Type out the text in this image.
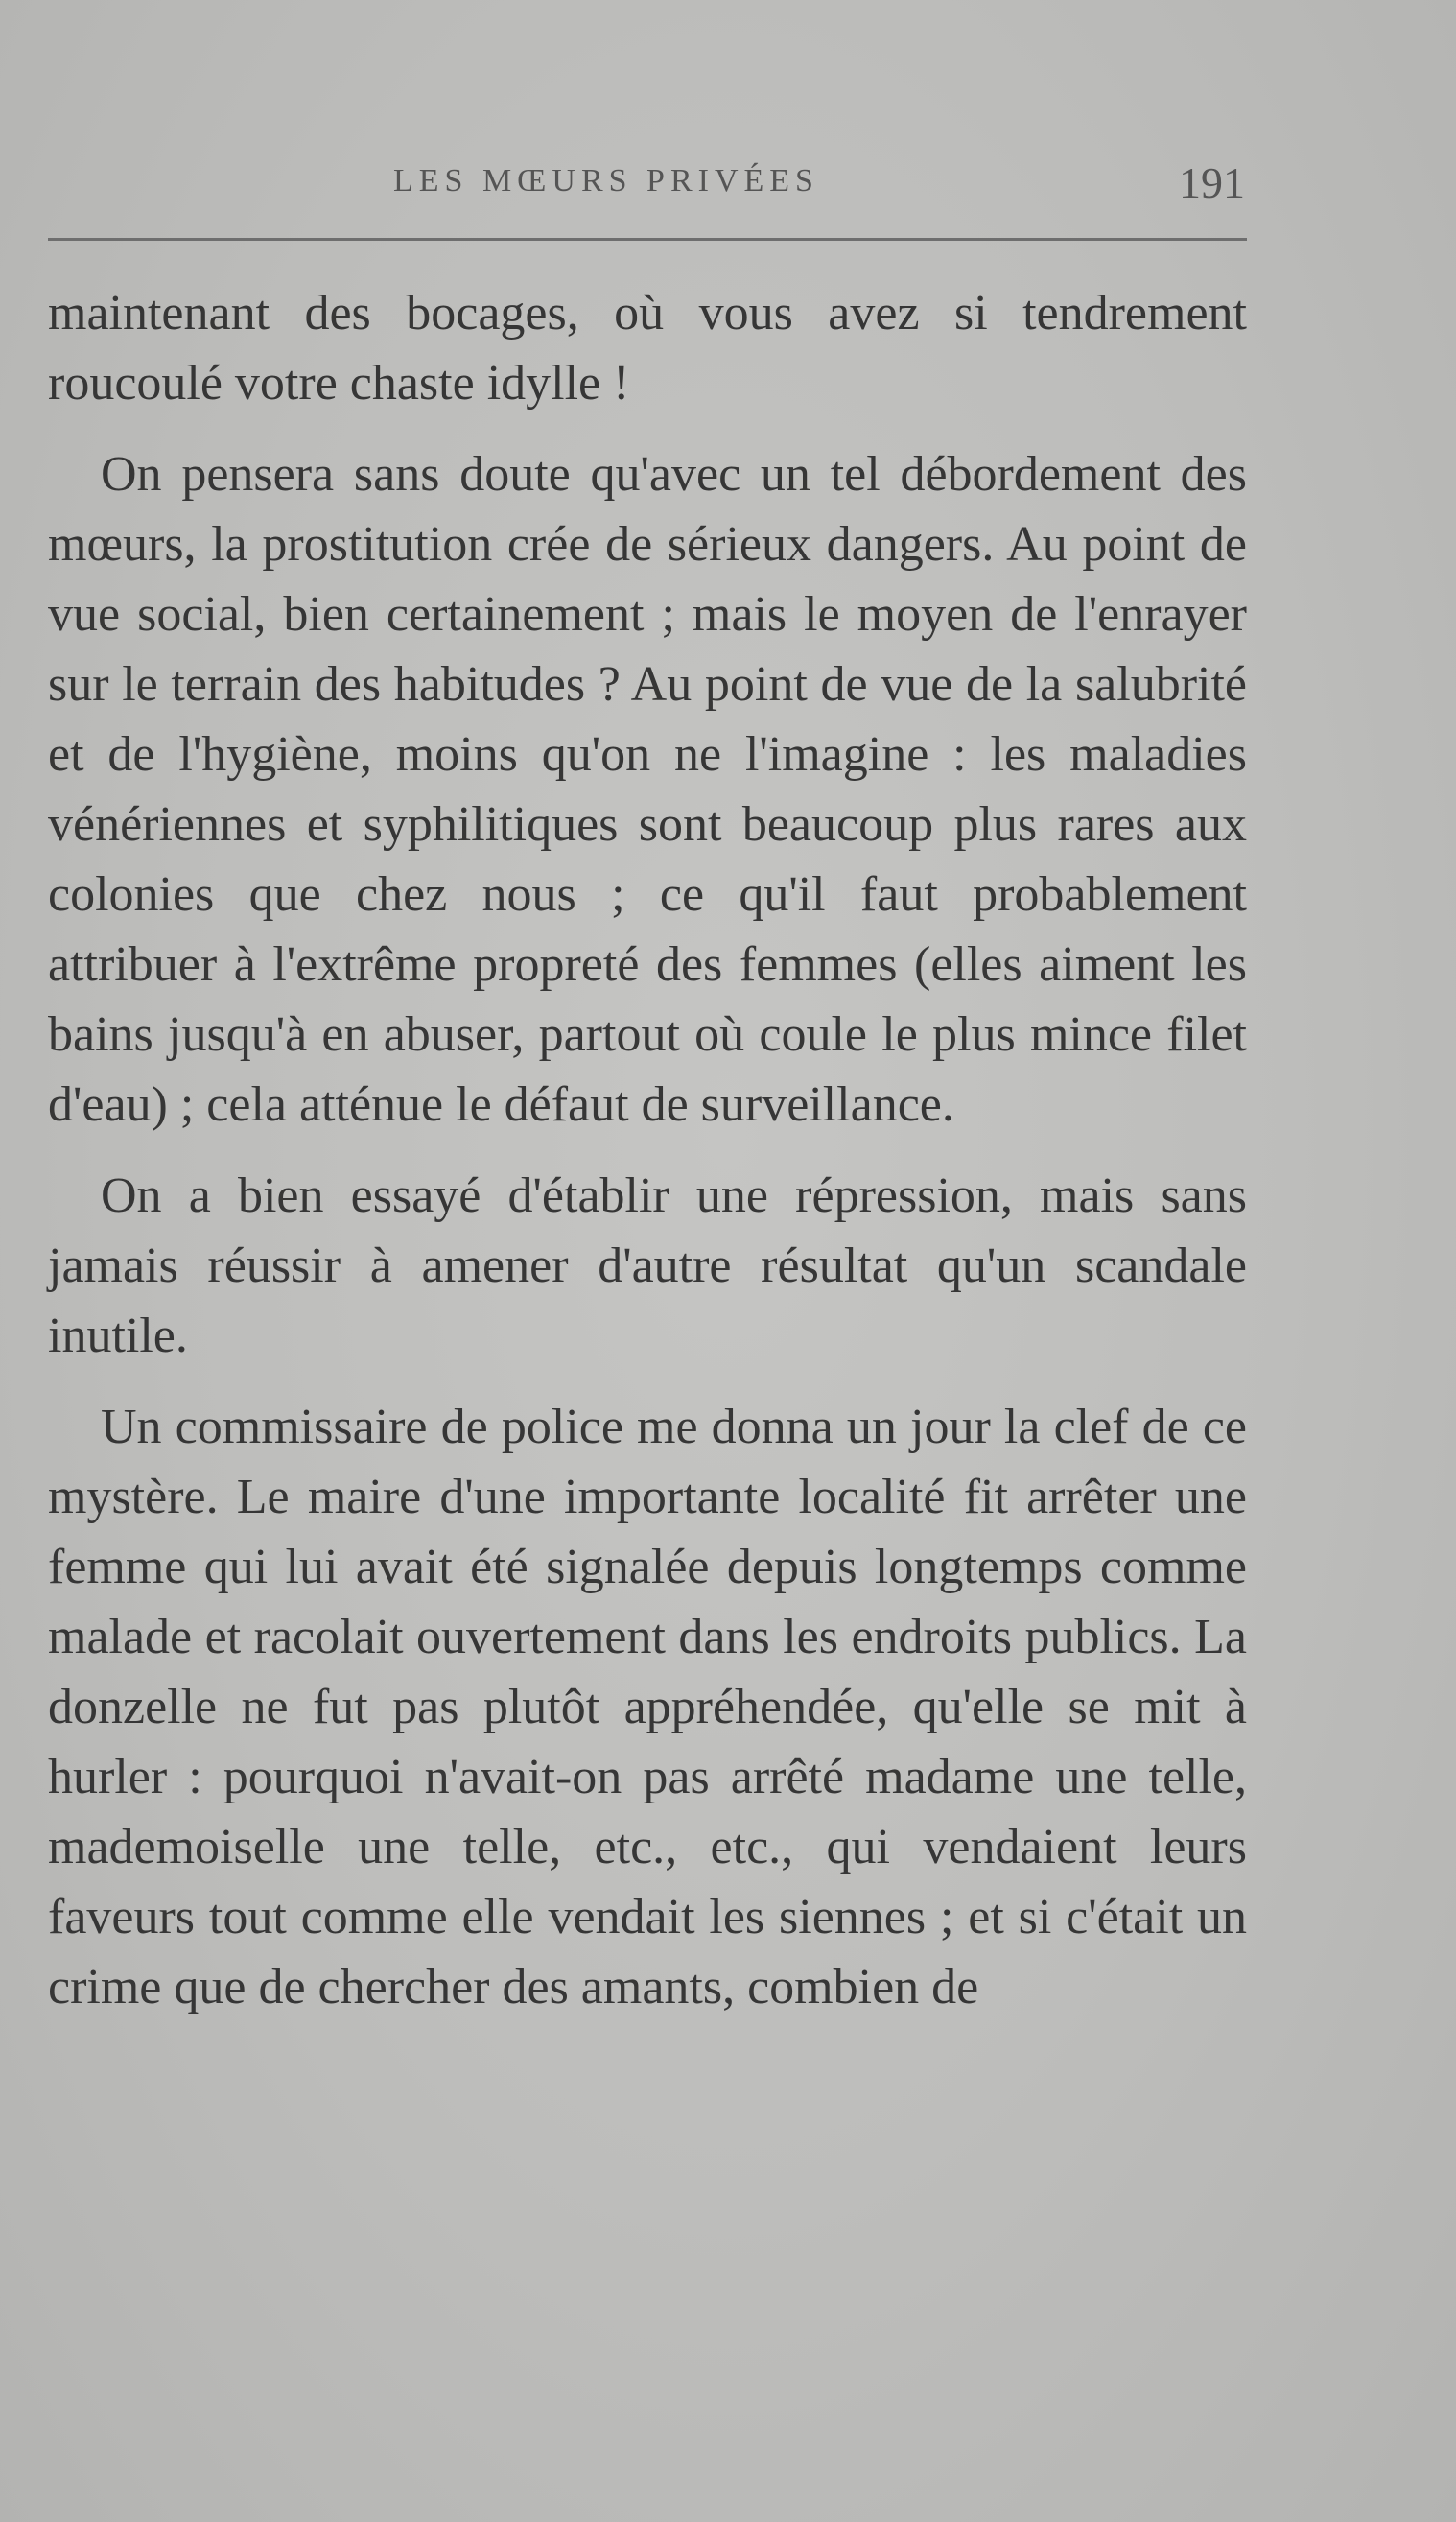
LES MŒURS PRIVÉES	191

maintenant des bocages, où vous avez si tendrement roucoulé votre chaste idylle !

On pensera sans doute qu'avec un tel débordement des mœurs, la prostitution crée de sérieux dangers. Au point de vue social, bien certainement ; mais le moyen de l'enrayer sur le terrain des habitudes ? Au point de vue de la salubrité et de l'hygiène, moins qu'on ne l'imagine : les maladies vénériennes et syphilitiques sont beaucoup plus rares aux colonies que chez nous ; ce qu'il faut probablement attribuer à l'extrême propreté des femmes (elles aiment les bains jusqu'à en abuser, partout où coule le plus mince filet d'eau) ; cela atténue le défaut de surveillance.

On a bien essayé d'établir une répression, mais sans jamais réussir à amener d'autre résultat qu'un scandale inutile.

Un commissaire de police me donna un jour la clef de ce mystère. Le maire d'une importante localité fit arrêter une femme qui lui avait été signalée depuis longtemps comme malade et racolait ouvertement dans les endroits publics. La donzelle ne fut pas plutôt appréhendée, qu'elle se mit à hurler : pourquoi n'avait-on pas arrêté madame une telle, mademoiselle une telle, etc., etc., qui vendaient leurs faveurs tout comme elle vendait les siennes ; et si c'était un crime que de chercher des amants, combien de
